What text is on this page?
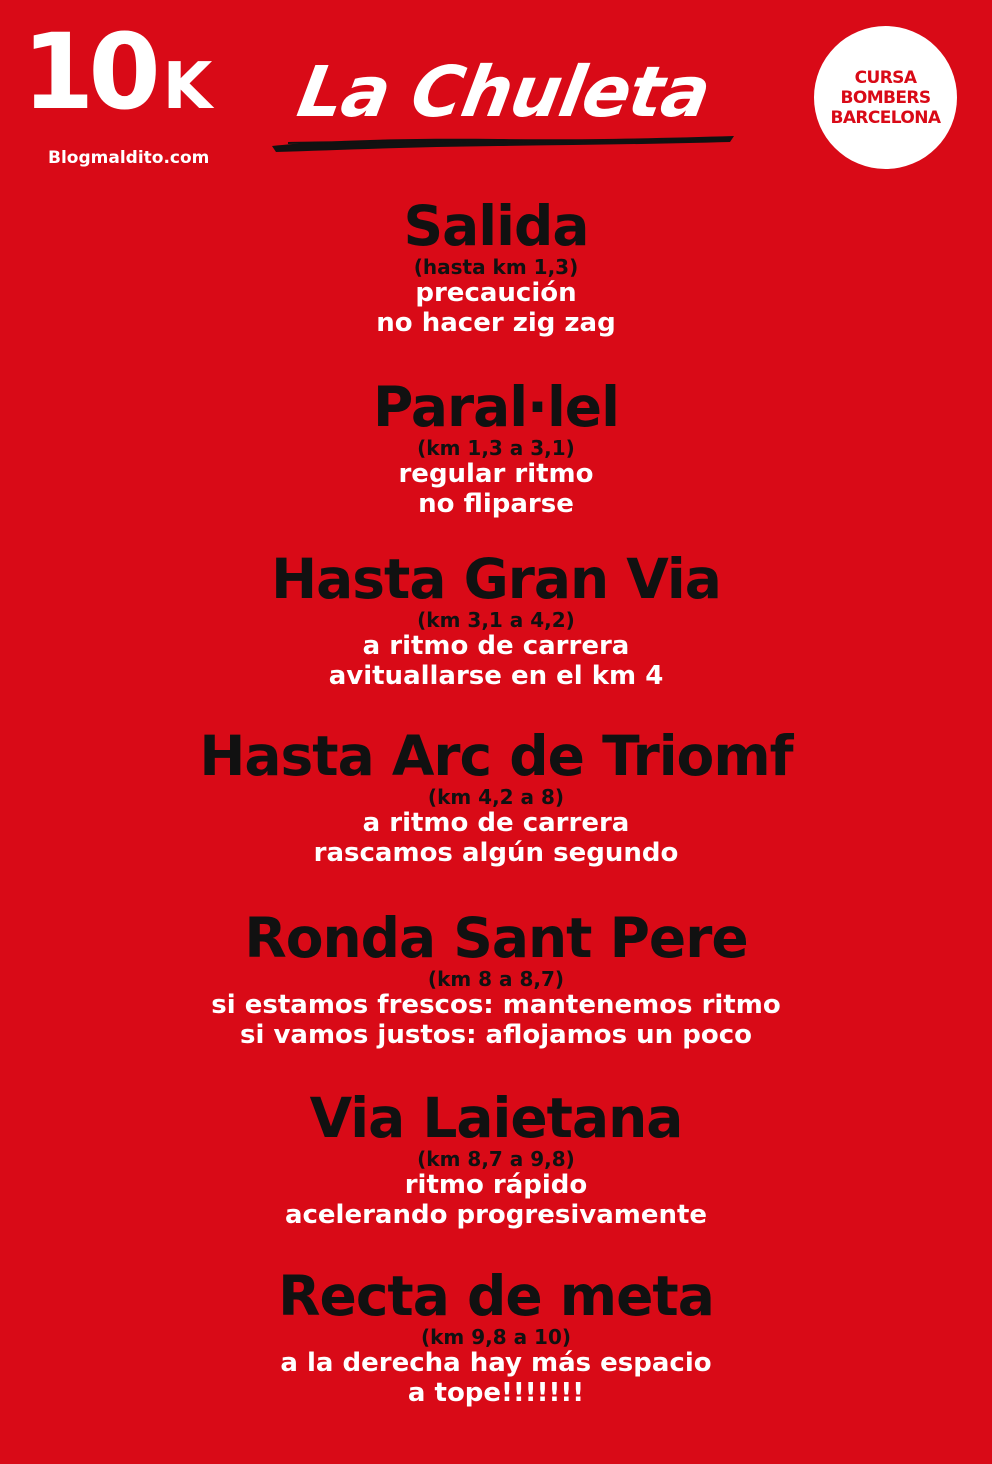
10 K
Blogmaldito.com
La Chuleta	CURSA
BOMBERS
BARCELONA
Salida
(hasta km 1,3)
precaución
no hacer zig zag
Paral·lel
(km 1,3 a 3,1)
regular ritmo
no fliparse
Hasta Gran Via
(km 3,1 a 4,2)
a ritmo de carrera
avituallarse en el km 4
Hasta Arc de Triomf
(km 4,2 a 8)
a ritmo de carrera
rascamos algún segundo
Ronda Sant Pere
(km 8 a 8,7)
si estamos frescos: mantenemos ritmo
si vamos justos: aflojamos un poco
Via Laietana
(km 8,7 a 9,8)
ritmo rápido
acelerando progresivamente
Recta de meta
(km 9,8 a 10)
a la derecha hay más espacio
a tope!!!!!!!
